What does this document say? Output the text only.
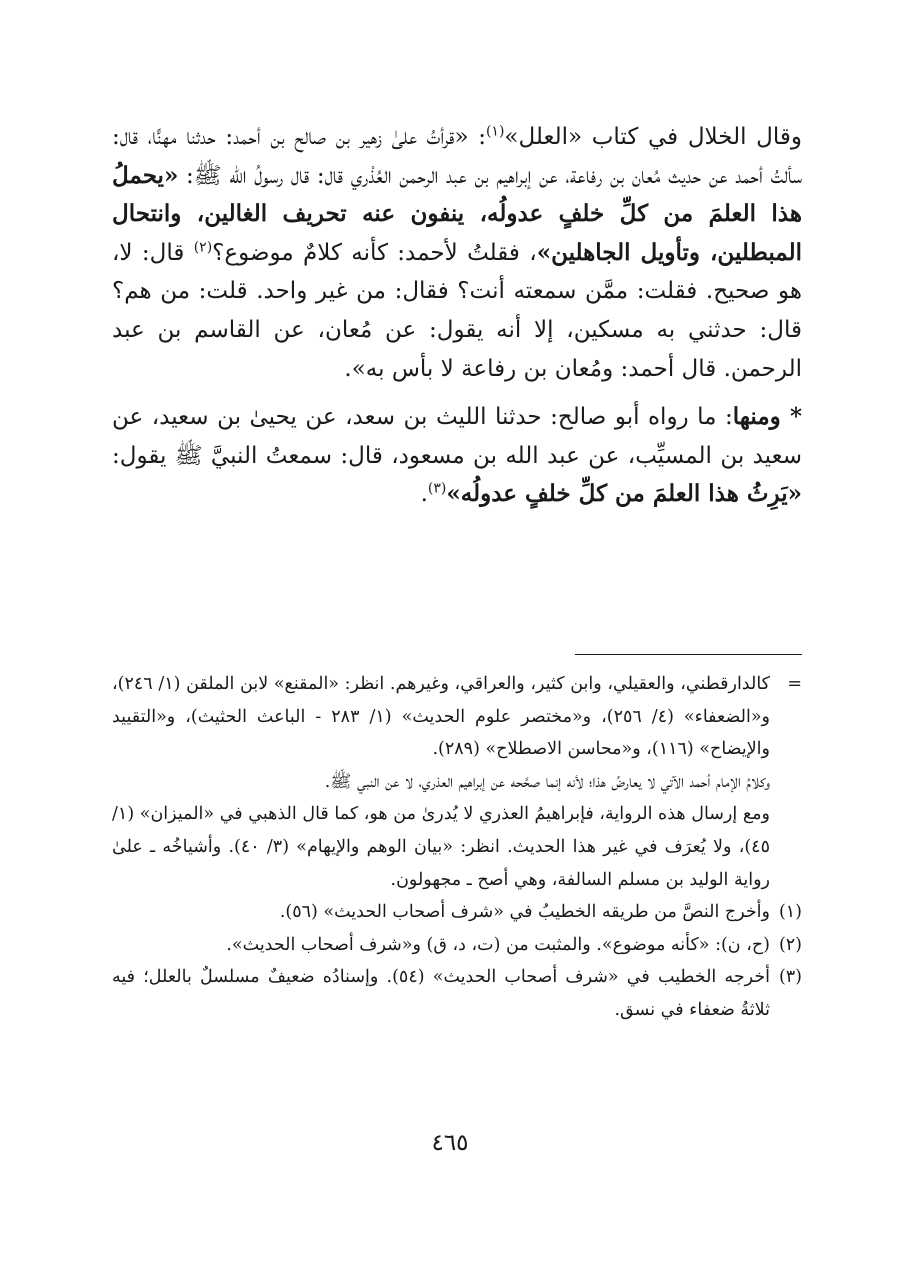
وقال الخلال في كتاب «العلل»$^{(١)}$: «قرأتُ علىٰ زهير بن صالح بن أحمد: حدثنا مهنًّا، قال: سألتُ أحمد عن حديث مُعان بن رفاعة، عن إبراهيم بن عبد الرحمن العُذْري قال: قال رسولُ الله ﷺ: «يحملُ هذا العلمَ من كلِّ خلفٍ عدولُه، ينفون عنه تحريف الغالين، وانتحال المبطلين، وتأويل الجاهلين»، فقلتُ لأحمد: كأنه كلامٌ موضوع؟$^{(٢)}$ قال: لا، هو صحيح. فقلت: ممَّن سمعته أنت؟ فقال: من غير واحد. قلت: من هم؟ قال: حدثني به مسكين، إلا أنه يقول: عن مُعان، عن القاسم بن عبد الرحمن. قال أحمد: ومُعان بن رفاعة لا بأس به».

* ومنها: ما رواه أبو صالح: حدثنا الليث بن سعد، عن يحيىٰ بن سعيد، عن سعيد بن المسيِّب، عن عبد الله بن مسعود، قال: سمعتُ النبيَّ ﷺ يقول: «يَرِثُ هذا العلمَ من كلِّ خلفٍ عدولُه»$^{(٣)}$.

=
كالدارقطني، والعقيلي، وابن كثير، والعراقي، وغيرهم. انظر: «المقنع» لابن الملقن (١/ ٢٤٦)، و«الضعفاء» (٤/ ٢٥٦)، و«مختصر علوم الحديث» (١/ ٢٨٣ - الباعث الحثيث)، و«التقييد والإيضاح» (١١٦)، و«محاسن الاصطلاح» (٢٨٩).
وكلامُ الإمام أحمد الآتي لا يعارضُ هذا؛ لأنه إنما صحَّحه عن إبراهيم العذري، لا عن النبي ﷺ.
ومع إرسال هذه الرواية، فإبراهيمُ العذري لا يُدرىٰ من هو، كما قال الذهبي في «الميزان» (١/ ٤٥)، ولا يُعرَف في غير هذا الحديث. انظر: «بيان الوهم والإيهام» (٣/ ٤٠). وأشياخُه ـ علىٰ رواية الوليد بن مسلم السالفة، وهي أصح ـ مجهولون.
(١)
وأخرج النصَّ من طريقه الخطيبُ في «شرف أصحاب الحديث» (٥٦).
(٢)
(ح، ن): «كأنه موضوع». والمثبت من (ت، د، ق) و«شرف أصحاب الحديث».
(٣)
أخرجه الخطيب في «شرف أصحاب الحديث» (٥٤). وإسنادُه ضعيفٌ مسلسلٌ بالعلل؛ فيه ثلاثةُ ضعفاء في نسق.
٤٦٥
